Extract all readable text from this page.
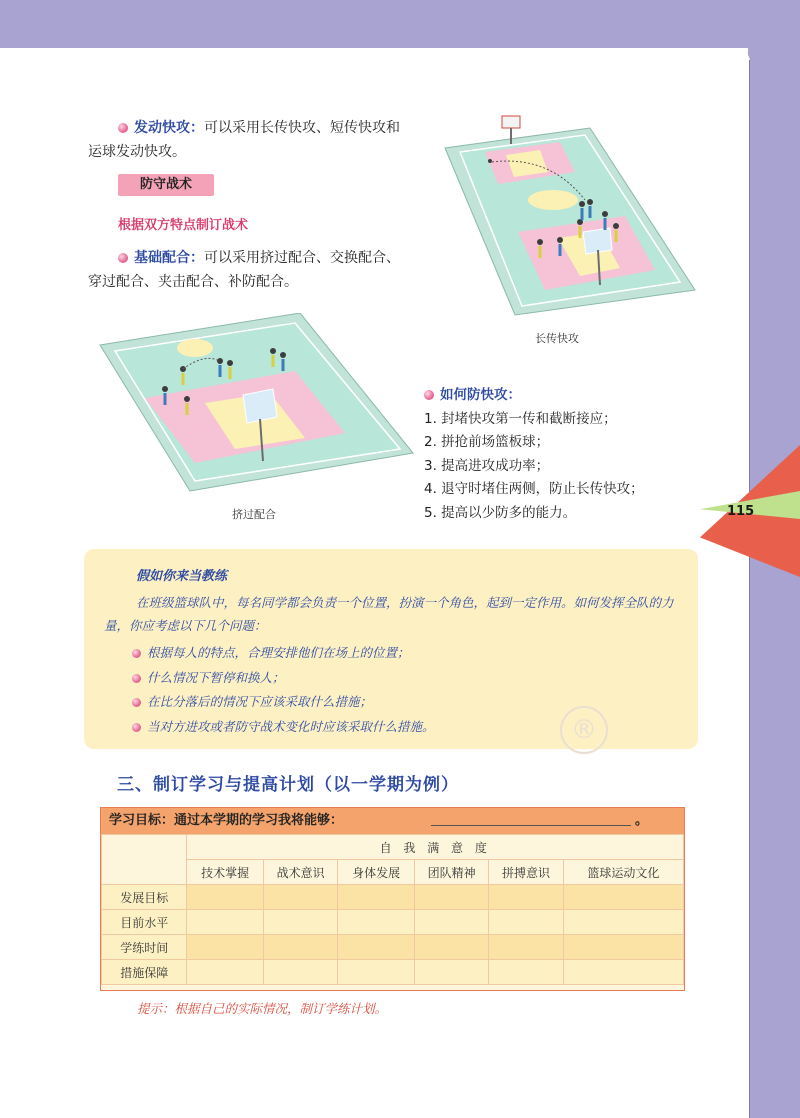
115
发动快攻：可以采用长传快攻、短传快攻和
运球发动快攻。
防守战术
根据双方特点制订战术
基础配合：可以采用挤过配合、交换配合、
穿过配合、夹击配合、补防配合。
长传快攻
挤过配合
如何防快攻：
1. 封堵快攻第一传和截断接应；
2. 拼抢前场篮板球；
3. 提高进攻成功率；
4. 退守时堵住两侧，防止长传快攻；
5. 提高以少防多的能力。
假如你来当教练
在班级篮球队中，每名同学都会负责一个位置，扮演一个角色，起到一定作用。如何发挥全队的力量，你应考虑以下几个问题：
根据每人的特点，合理安排他们在场上的位置；
什么情况下暂停和换人；
在比分落后的情况下应该采取什么措施；
当对方进攻或者防守战术变化时应该采取什么措施。	®
三、制订学习与提高计划（以一学期为例）
学习目标：通过本学期的学习我将能够：	。
	自 我 满 意 度					
	技术掌握	战术意识	身体发展	团队精神	拼搏意识	篮球运动文化
发展目标						
目前水平						
学练时间						
措施保障						
提示：根据自己的实际情况，制订学练计划。
